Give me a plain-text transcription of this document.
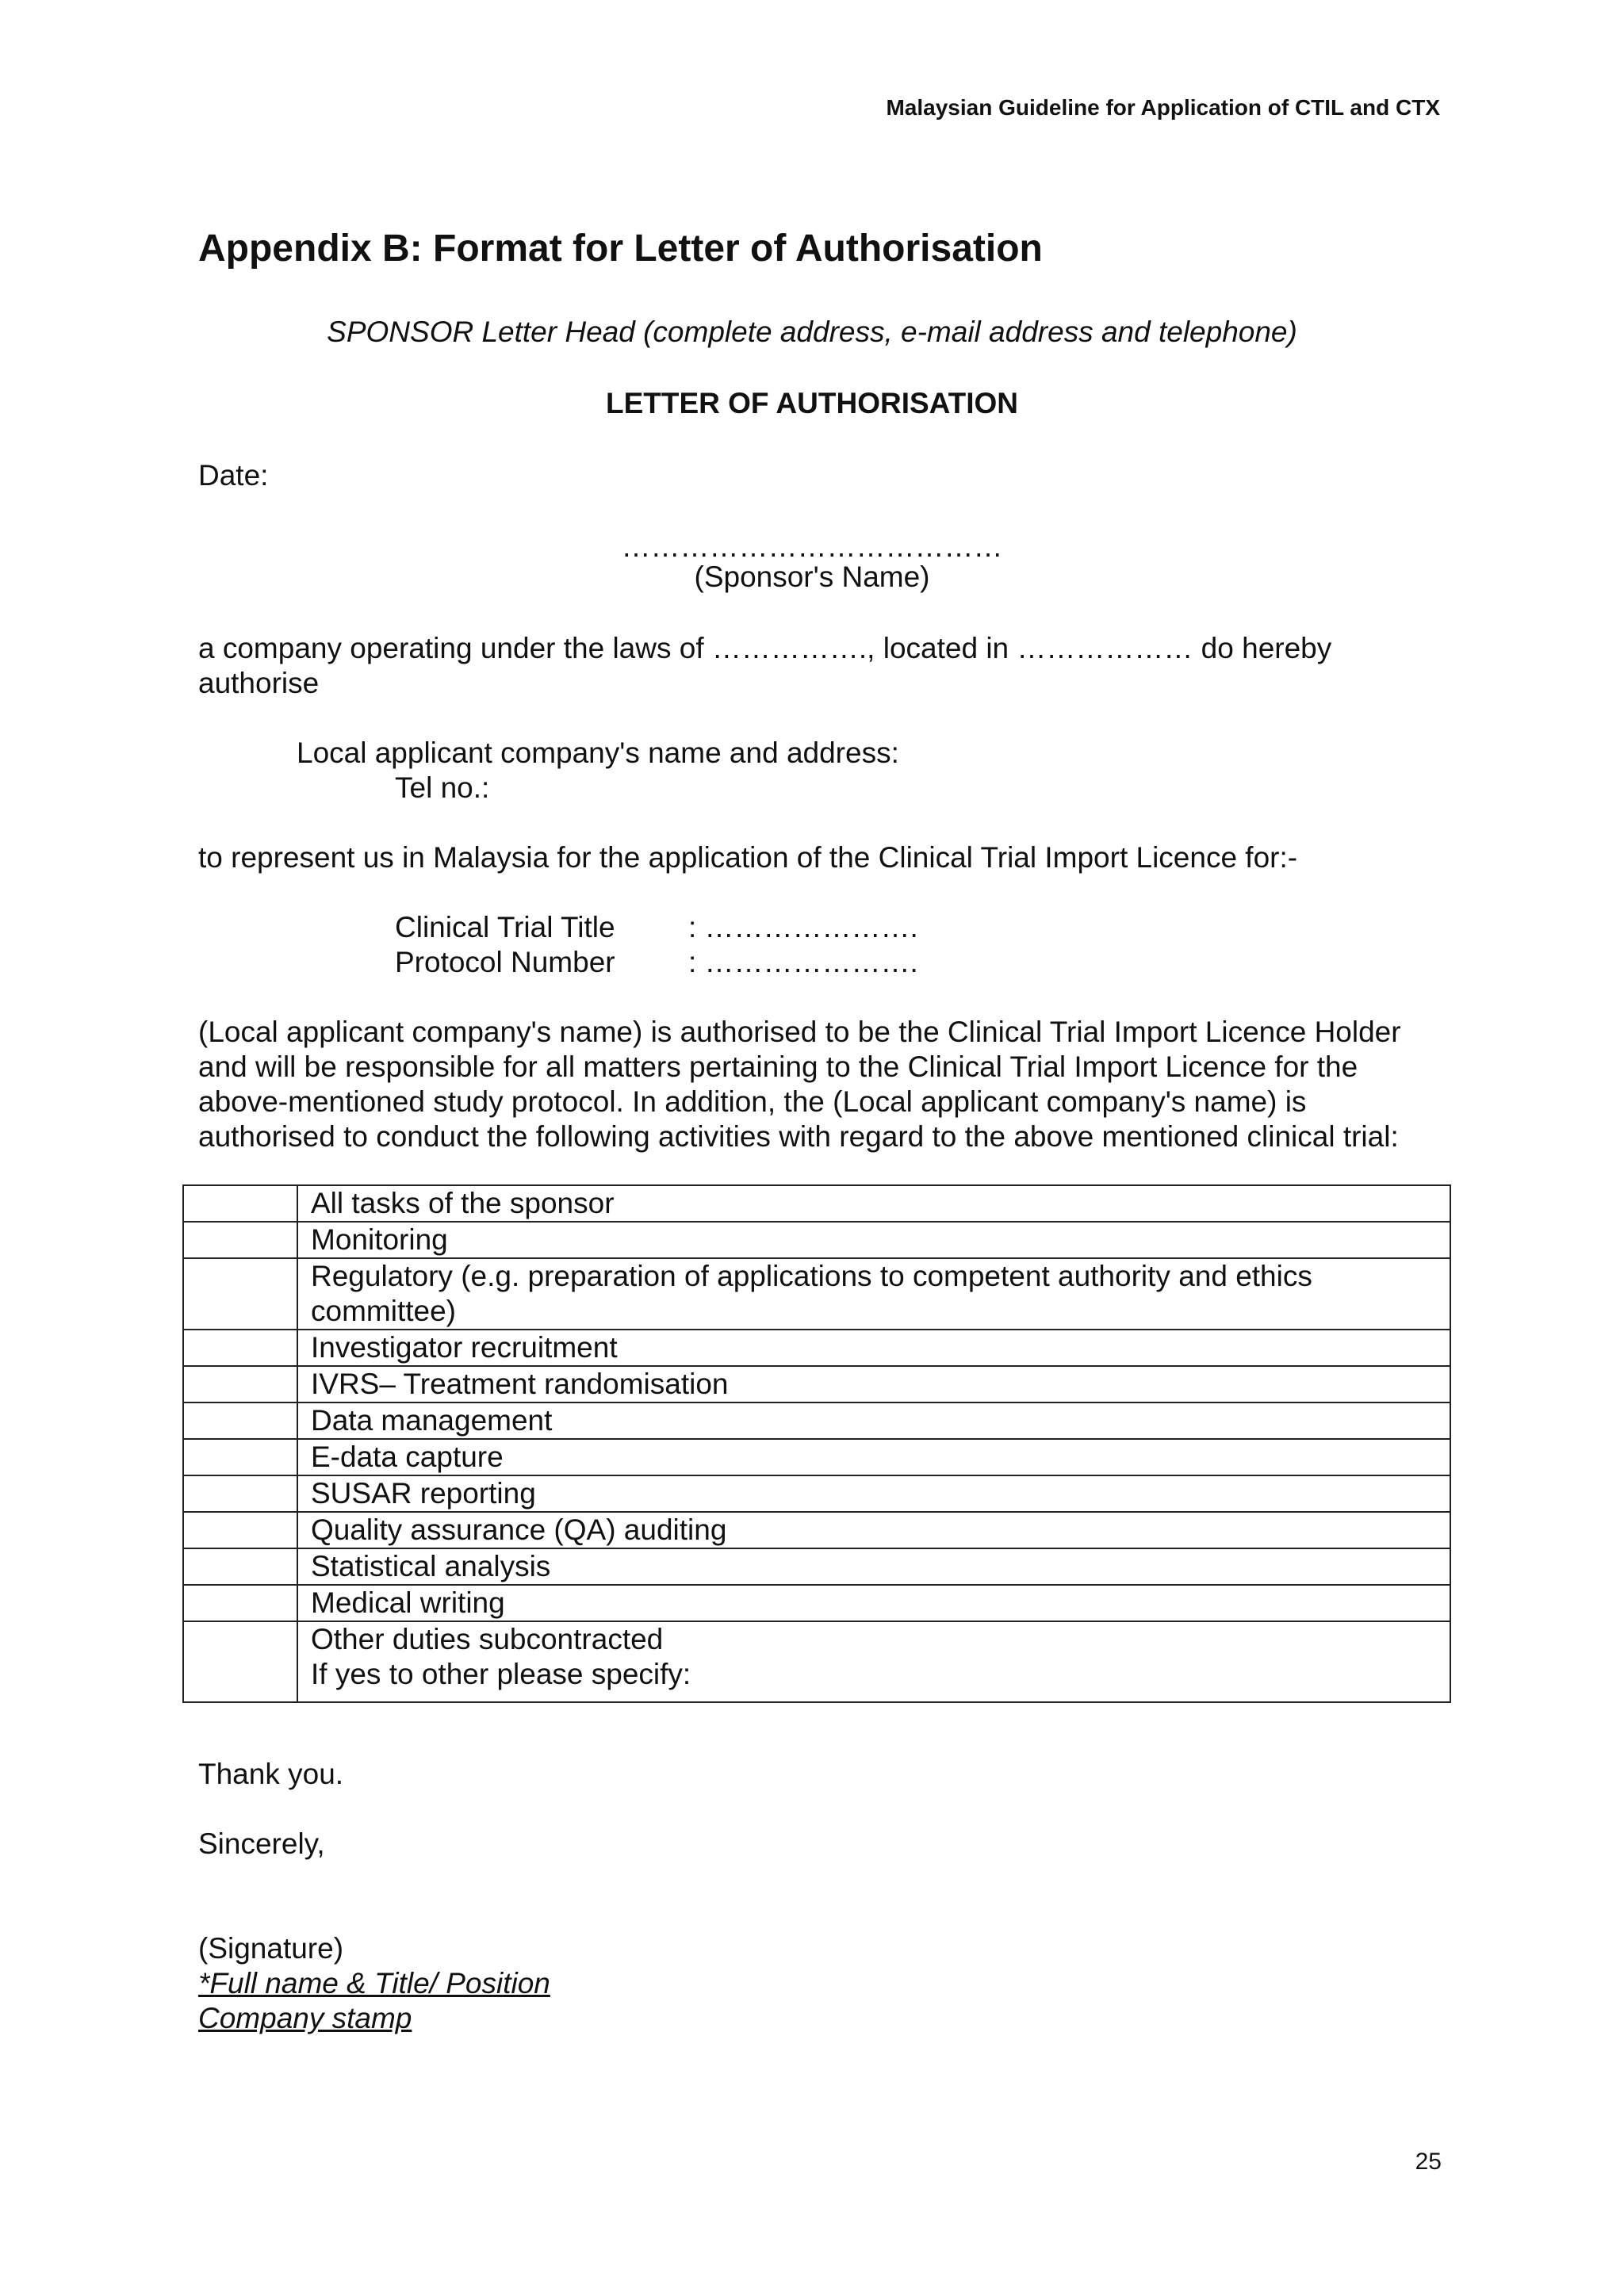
Malaysian Guideline for Application of CTIL and CTX
Appendix B: Format for Letter of Authorisation
SPONSOR Letter Head (complete address, e-mail address and telephone)
LETTER OF AUTHORISATION
Date:
…………………………………
(Sponsor's Name)
a company operating under the laws of ……………., located in ……………… do hereby
authorise
Local applicant company's name and address:
Tel no.:
to represent us in Malaysia for the application of the Clinical Trial Import Licence for:-
Clinical Trial Title	: ………………….
Protocol Number	: ………………….
(Local applicant company's name) is authorised to be the Clinical Trial Import Licence Holder
and will be responsible for all matters pertaining to the Clinical Trial Import Licence for the
above-mentioned study protocol. In addition, the (Local applicant company's name) is
authorised to conduct the following activities with regard to the above mentioned clinical trial:
	All tasks of the sponsor
	Monitoring
	Regulatory (e.g. preparation of applications to competent authority and ethics committee)
	Investigator recruitment
	IVRS– Treatment randomisation
	Data management
	E-data capture
	SUSAR reporting
	Quality assurance (QA) auditing
	Statistical analysis
	Medical writing

	Other duties subcontracted
If yes to other please specify:
Thank you.
Sincerely,
(Signature)
*Full name & Title/ Position
Company stamp
25
